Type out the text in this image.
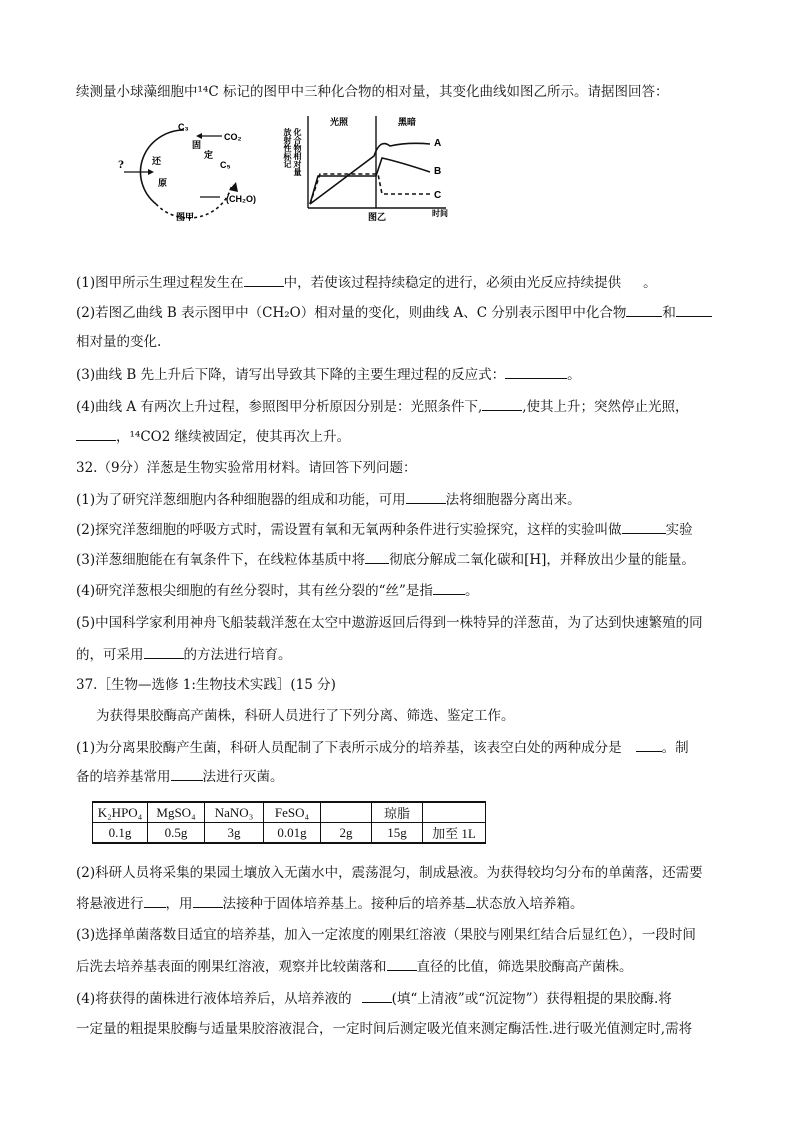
续测量小球藻细胞中¹⁴C 标记的图甲中三种化合物的相对量，其变化曲线如图乙所示。请据图回答：
C₃
CO₂
固
定
C₅
还
原
?
(CH₂O)
图甲
光照	黑暗
放射性标记 化合物相对量	A
B
C
时间
图乙
(1)图甲所示生理过程发生在	中，若使该过程持续稳定的进行，必须由光反应持续提供 。
(2)若图乙曲线 B 表示图甲中（CH₂O）相对量的变化，则曲线 A、C 分别表示图甲中化合物	和
相对量的变化.
(3)曲线 B 先上升后下降，请写出导致其下降的主要生理过程的反应式：	。
(4)曲线 A 有两次上升过程，参照图甲分析原因分别是：光照条件下,	,使其上升；突然停止光照，
，¹⁴CO2 继续被固定，使其再次上升。
32.（9分）洋葱是生物实验常用材料。请回答下列问题：
(1)为了研究洋葱细胞内各种细胞器的组成和功能，可用	法将细胞器分离出来。
(2)探究洋葱细胞的呼吸方式时，需设置有氧和无氧两种条件进行实验探究，这样的实验叫做	实验
(3)洋葱细胞能在有氧条件下，在线粒体基质中将 彻底分解成二氧化碳和[H]，并释放出少量的能量。
(4)研究洋葱根尖细胞的有丝分裂时，其有丝分裂的“丝”是指 。
(5)中国科学家利用神舟飞船装载洋葱在太空中遨游返回后得到一株特异的洋葱苗，为了达到快速繁殖的同
的，可采用	的方法进行培育。
37.［生物—选修 1:生物技术实践］(15 分)
为获得果胶酶高产菌株，科研人员进行了下列分离、筛选、鉴定工作。
(1)为分离果胶酶产生菌，科研人员配制了下表所示成分的培养基，该表空白处的两种成分是	。制
备的培养基常用 法进行灭菌。
K₂HPO₄	MgSO₄	NaNO₃	FeSO₄		琼脂	
0.1g	0.5g	3g	0.01g	2g	15g	加至 1L
(2)科研人员将采集的果园土壤放入无菌水中，震荡混匀，制成悬液。为获得较均匀分布的单菌落，还需要
将悬液进行 ，用 法接种于固体培养基上。接种后的培养基 状态放入培养箱。
(3)选择单菌落数目适宜的培养基，加入一定浓度的刚果红溶液（果胶与刚果红结合后显红色），一段时间
后洗去培养基表面的刚果红溶液，观察并比较菌落和 直径的比值，筛选果胶酶高产菌株。
(4)将获得的菌株进行液体培养后，从培养液的	(填“上清液”或“沉淀物”）获得粗提的果胶酶.将
一定量的粗提果胶酶与适量果胶溶液混合，一定时间后测定吸光值来测定酶活性.进行吸光值测定时,需将
